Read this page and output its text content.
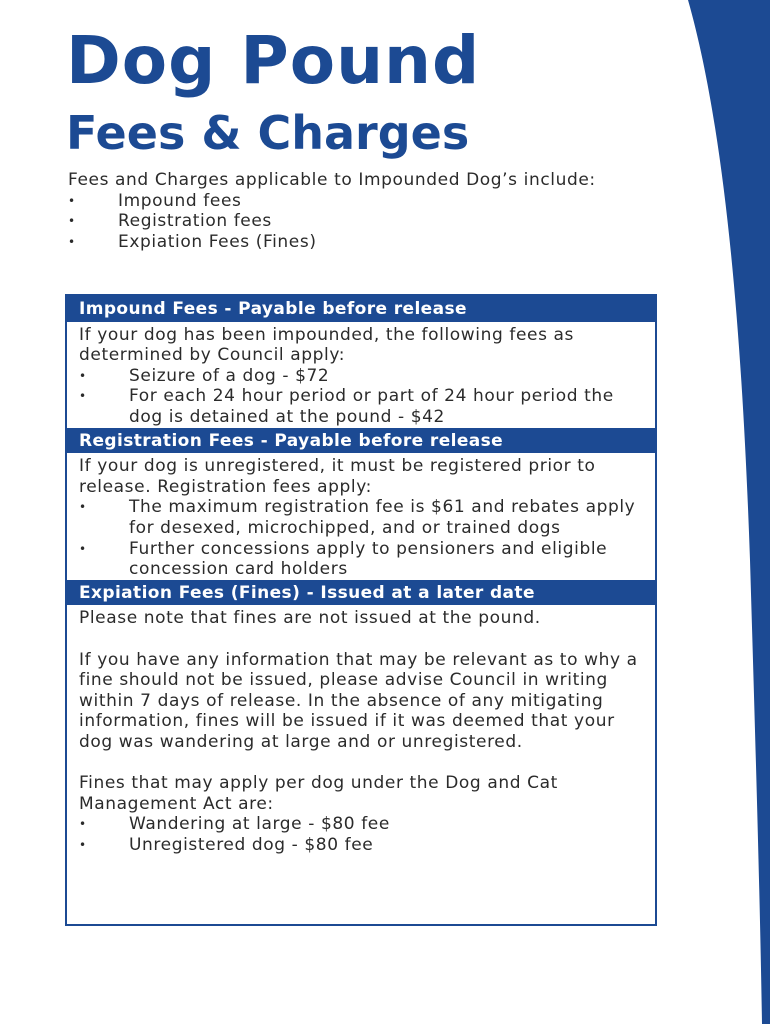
Dog Pound
Fees & Charges

Fees and Charges applicable to Impounded Dog’s include:

• Impound fees
• Registration fees
• Expiation Fees (Fines)
Impound Fees - Payable before release

If your dog has been impounded, the following fees as determined by Council apply:

• Seizure of a dog - $72
• For each 24 hour period or part of 24 hour period the dog is detained at the pound - $42
Registration Fees - Payable before release

If your dog is unregistered, it must be registered prior to release. Registration fees apply:

• The maximum registration fee is $61 and rebates apply for desexed, microchipped, and or trained dogs
• Further concessions apply to pensioners and eligible concession card holders
Expiation Fees (Fines) - Issued at a later date

Please note that fines are not issued at the pound.

If you have any information that may be relevant as to why a fine should not be issued, please advise Council in writing within 7 days of release. In the absence of any mitigating information, fines will be issued if it was deemed that your dog was wandering at large and or unregistered.

Fines that may apply per dog under the Dog and Cat Management Act are:

• Wandering at large - $80 fee
• Unregistered dog - $80 fee
